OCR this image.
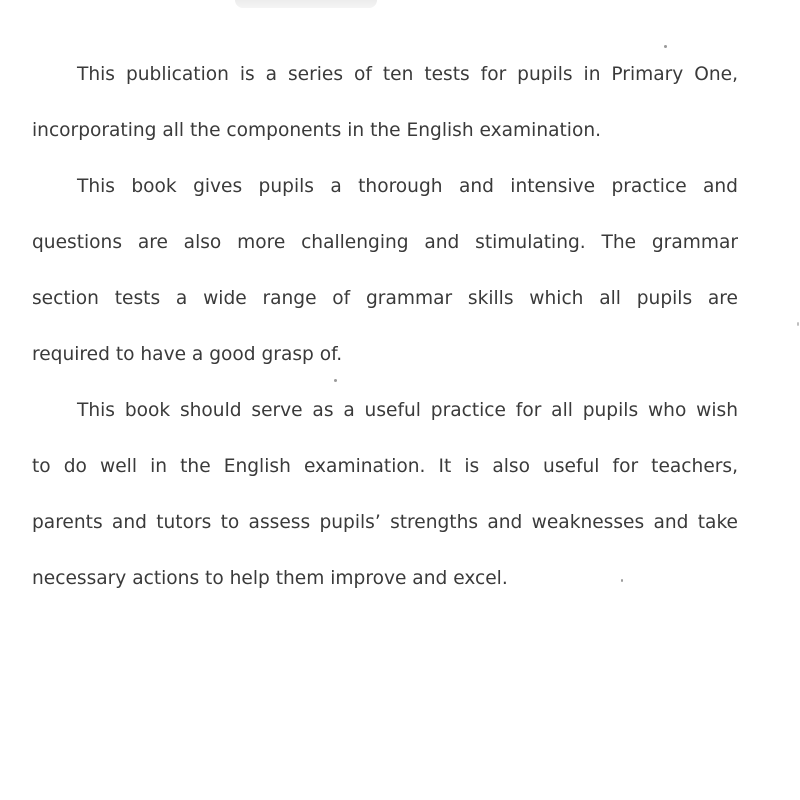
This publication is a series of ten tests for pupils in Primary One,
incorporating all the components in the English examination.
This book gives pupils a thorough and intensive practice and
questions are also more challenging and stimulating. The grammar
section tests a wide range of grammar skills which all pupils are
required to have a good grasp of.
This book should serve as a useful practice for all pupils who wish
to do well in the English examination. It is also useful for teachers,
parents and tutors to assess pupils’ strengths and weaknesses and take
necessary actions to help them improve and excel.
